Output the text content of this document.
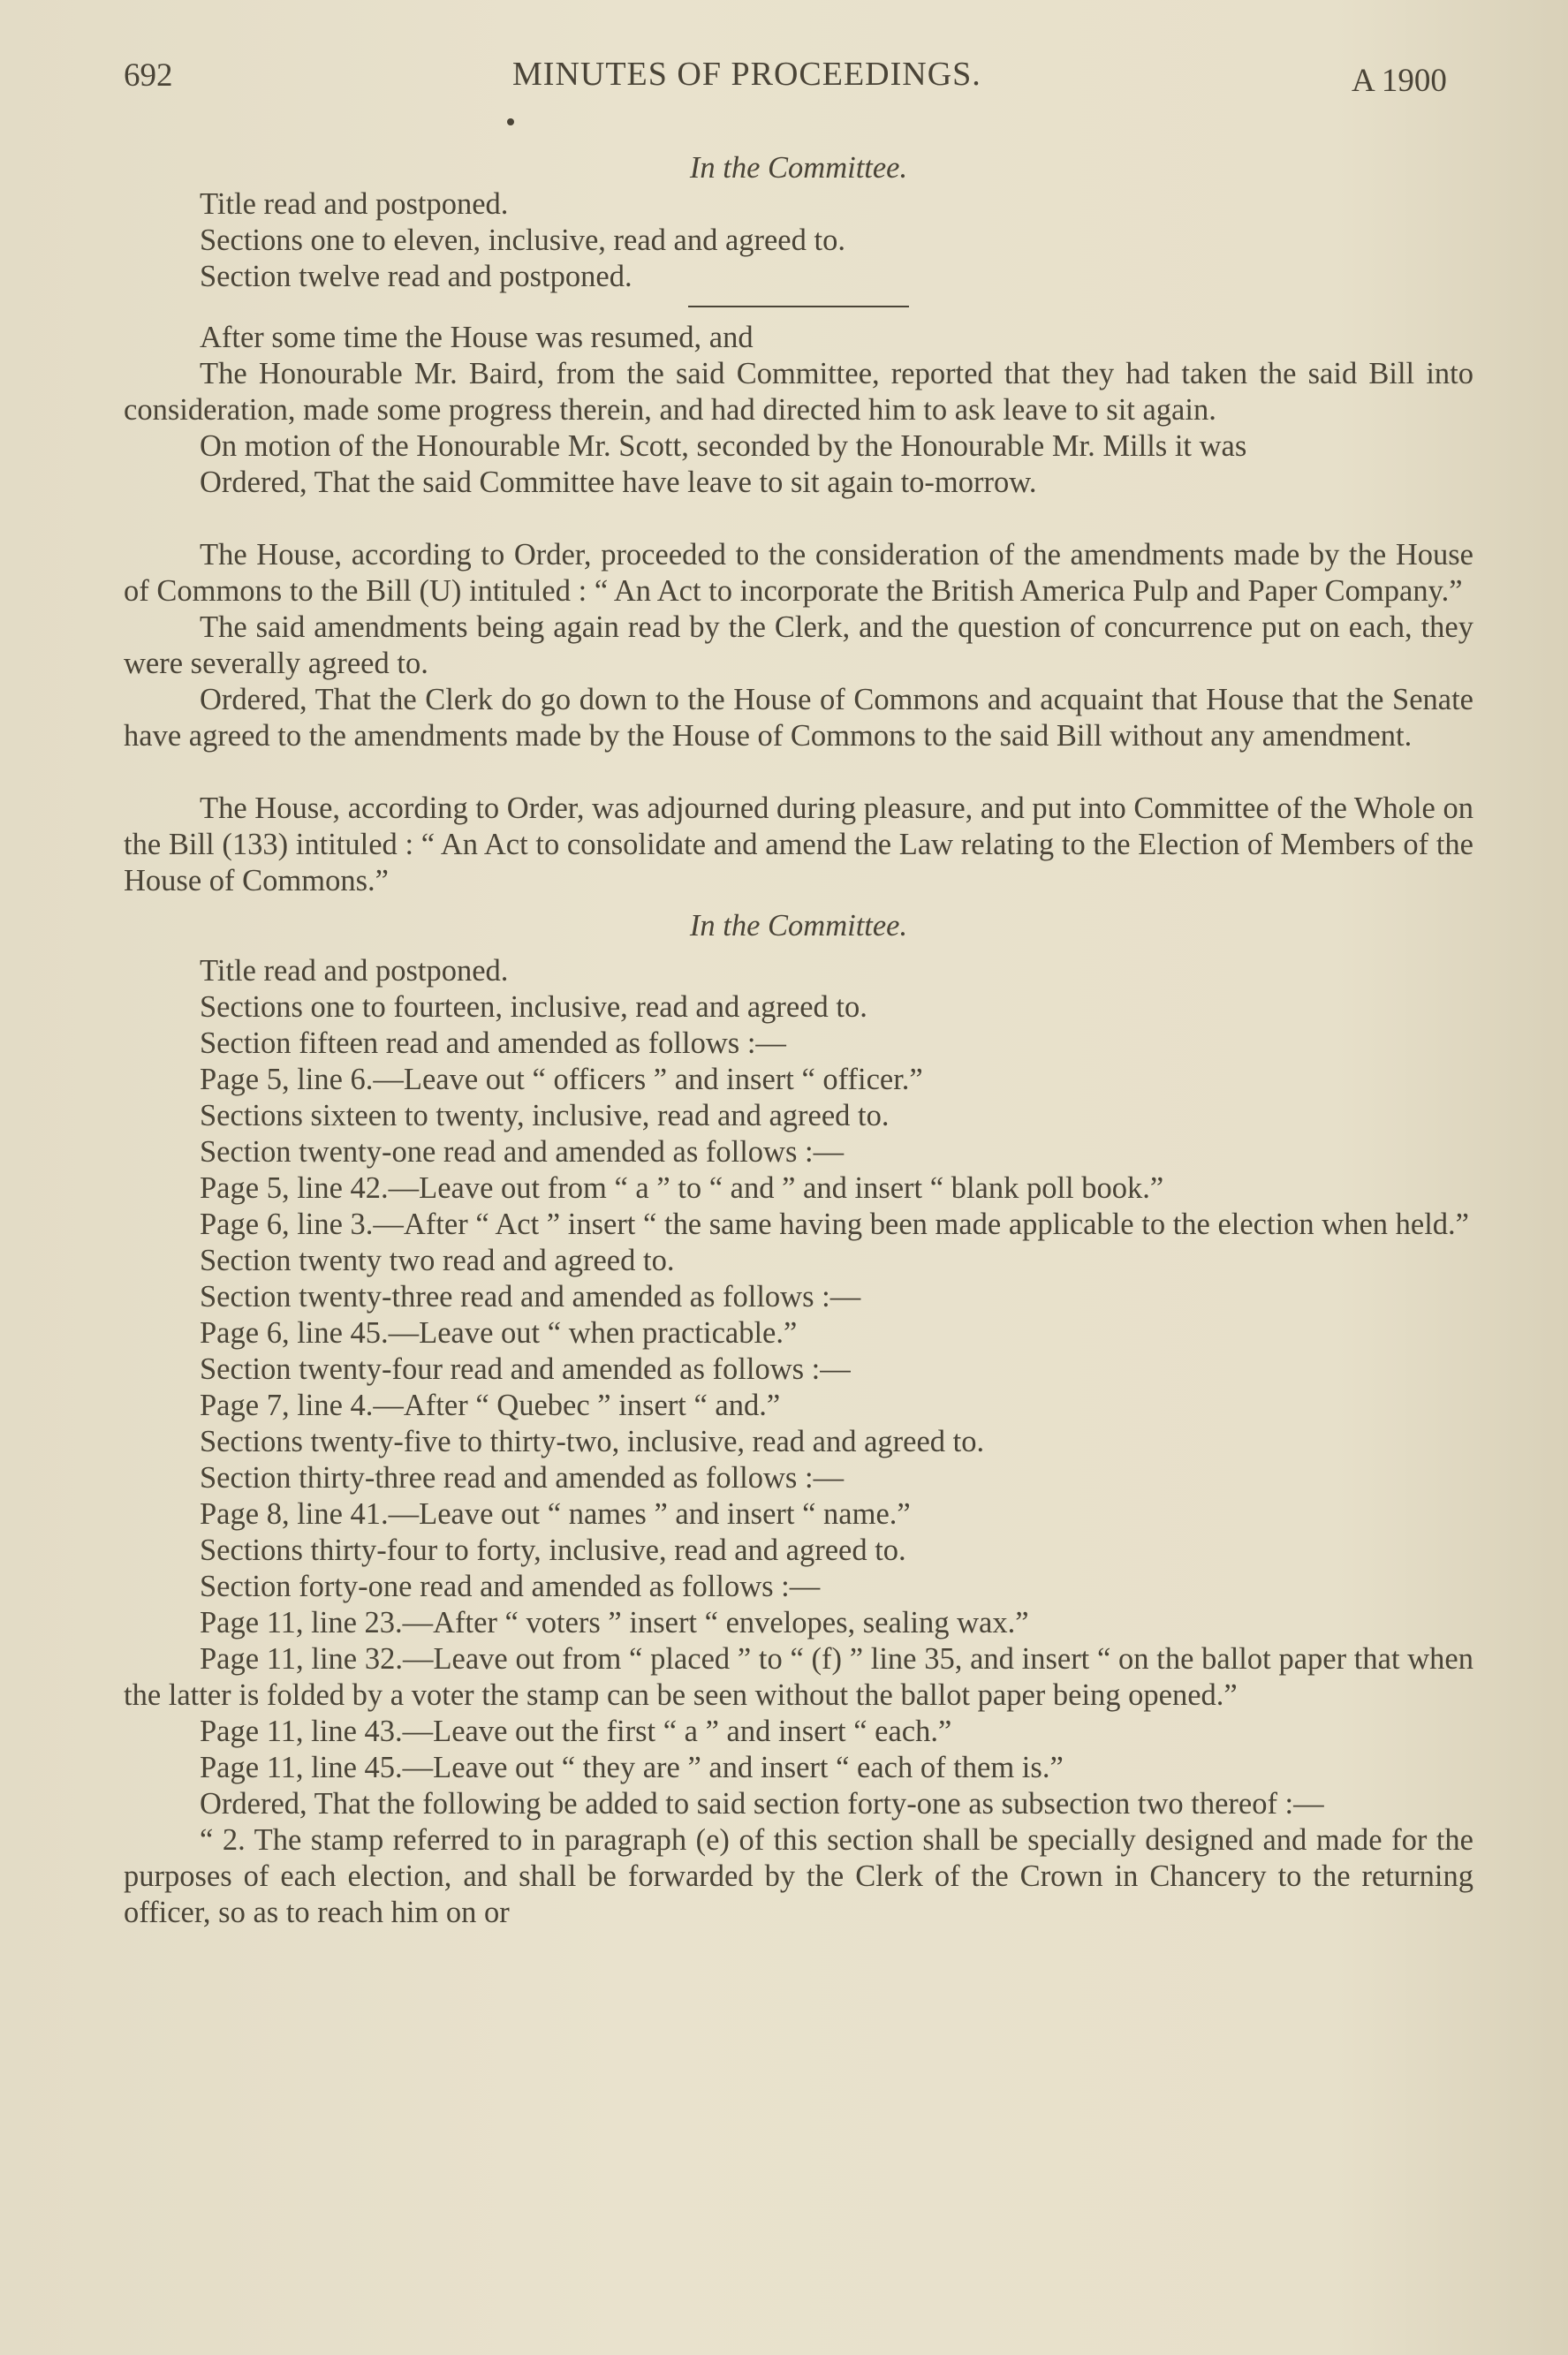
692	MINUTES OF PROCEEDINGS.	A 1900

In the Committee.

Title read and postponed.

Sections one to eleven, inclusive, read and agreed to.

Section twelve read and postponed.

After some time the House was resumed, and

The Honourable Mr. Baird, from the said Committee, reported that they had taken the said Bill into consideration, made some progress therein, and had directed him to ask leave to sit again.

On motion of the Honourable Mr. Scott, seconded by the Honourable Mr. Mills it was

Ordered, That the said Committee have leave to sit again to-morrow.

The House, according to Order, proceeded to the consideration of the amendments made by the House of Commons to the Bill (U) intituled : “ An Act to incorporate the British America Pulp and Paper Company.”

The said amendments being again read by the Clerk, and the question of concurrence put on each, they were severally agreed to.

Ordered, That the Clerk do go down to the House of Commons and acquaint that House that the Senate have agreed to the amendments made by the House of Commons to the said Bill without any amendment.

The House, according to Order, was adjourned during pleasure, and put into Committee of the Whole on the Bill (133) intituled : “ An Act to consolidate and amend the Law relating to the Election of Members of the House of Commons.”

In the Committee.

Title read and postponed.

Sections one to fourteen, inclusive, read and agreed to.

Section fifteen read and amended as follows :—

Page 5, line 6.—Leave out “ officers ” and insert “ officer.”

Sections sixteen to twenty, inclusive, read and agreed to.

Section twenty-one read and amended as follows :—

Page 5, line 42.—Leave out from “ a ” to “ and ” and insert “ blank poll book.”

Page 6, line 3.—After “ Act ” insert “ the same having been made applicable to the election when held.”

Section twenty two read and agreed to.

Section twenty-three read and amended as follows :—

Page 6, line 45.—Leave out “ when practicable.”

Section twenty-four read and amended as follows :—

Page 7, line 4.—After “ Quebec ” insert “ and.”

Sections twenty-five to thirty-two, inclusive, read and agreed to.

Section thirty-three read and amended as follows :—

Page 8, line 41.—Leave out “ names ” and insert “ name.”

Sections thirty-four to forty, inclusive, read and agreed to.

Section forty-one read and amended as follows :—

Page 11, line 23.—After “ voters ” insert “ envelopes, sealing wax.”

Page 11, line 32.—Leave out from “ placed ” to “ (f) ” line 35, and insert “ on the ballot paper that when the latter is folded by a voter the stamp can be seen without the ballot paper being opened.”

Page 11, line 43.—Leave out the first “ a ” and insert “ each.”

Page 11, line 45.—Leave out “ they are ” and insert “ each of them is.”

Ordered, That the following be added to said section forty-one as subsection two thereof :—

“ 2. The stamp referred to in paragraph (e) of this section shall be specially designed and made for the purposes of each election, and shall be forwarded by the Clerk of the Crown in Chancery to the returning officer, so as to reach him on or
